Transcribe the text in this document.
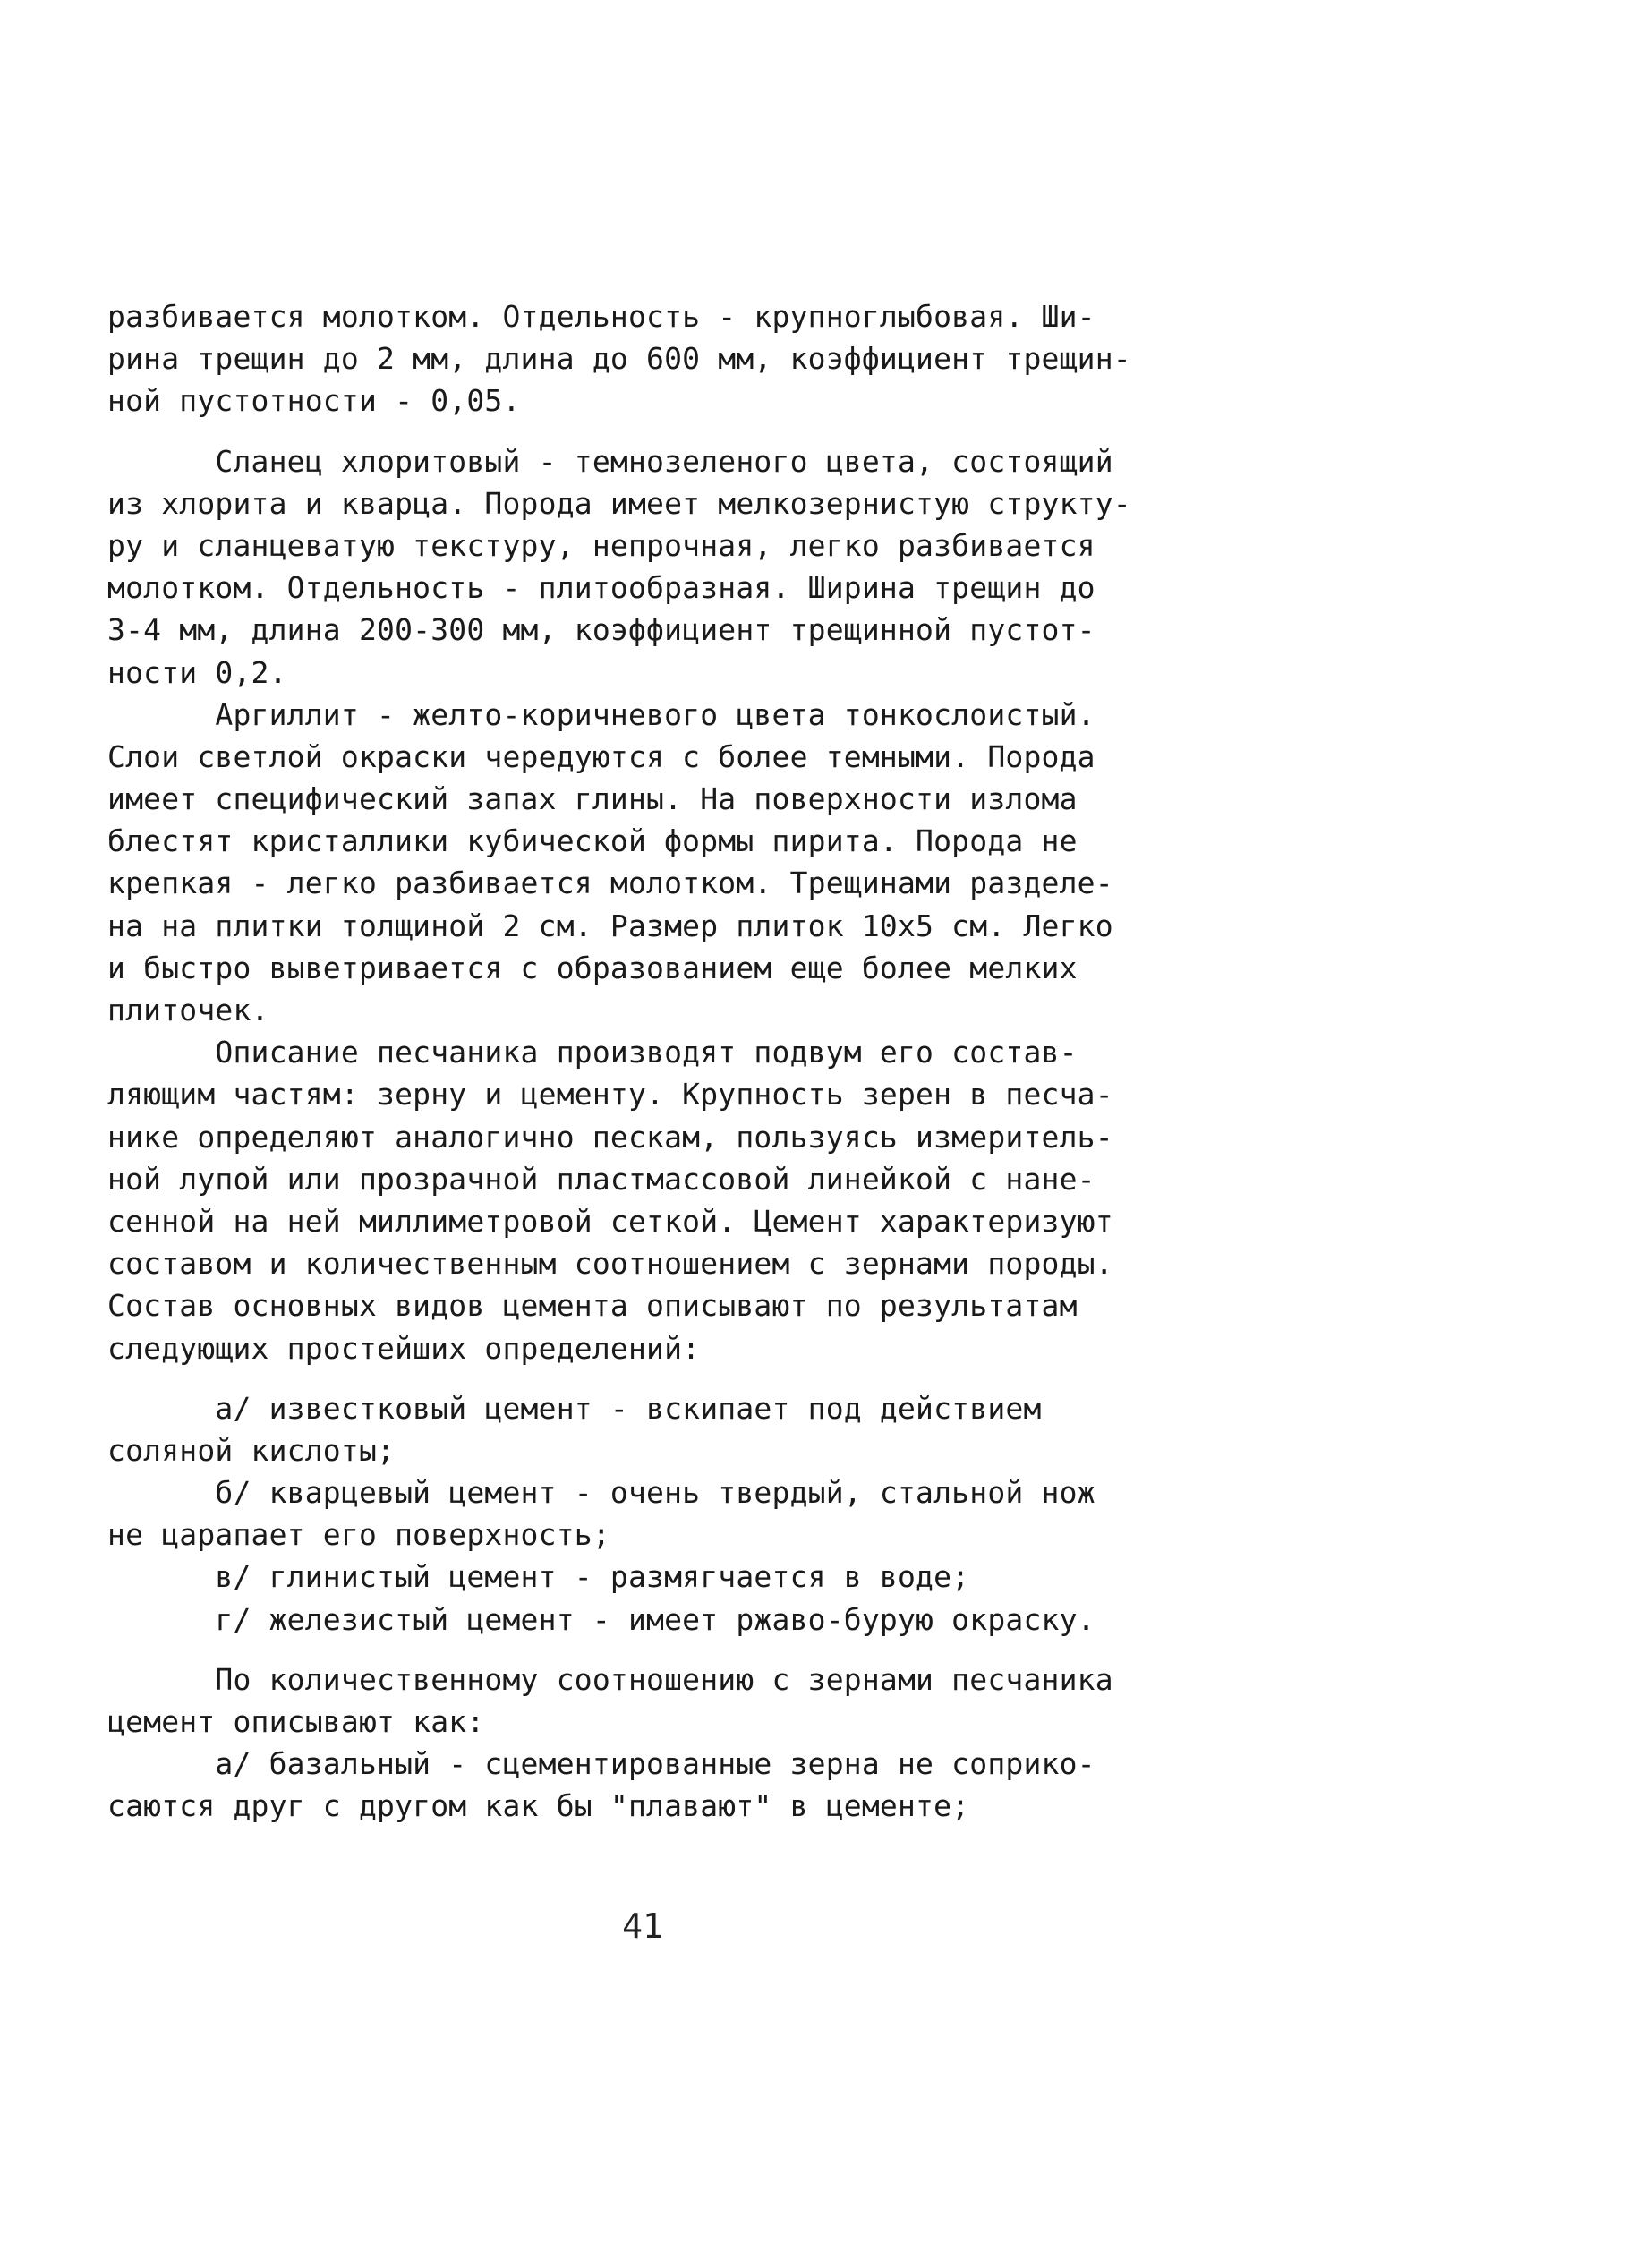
разбивается молотком. Отдельность - крупноглыбовая. Ши-
рина трещин до 2 мм, длина до 600 мм, коэффициент трещин-
ной пустотности - 0,05.
Сланец хлоритовый - темнозеленого цвета, состоящий
из хлорита и кварца. Порода имеет мелкозернистую структу-
ру и сланцеватую текстуру, непрочная, легко разбивается
молотком. Отдельность - плитообразная. Ширина трещин до
3-4 мм, длина 200-300 мм, коэффициент трещинной пустот-
ности 0,2.
Аргиллит - желто-коричневого цвета тонкослоистый.
Слои светлой окраски чередуются с более темными. Порода
имеет специфический запах глины. На поверхности излома
блестят кристаллики кубической формы пирита. Порода не
крепкая - легко разбивается молотком. Трещинами разделе-
на на плитки толщиной 2 см. Размер плиток 10х5 см. Легко
и быстро выветривается с образованием еще более мелких
плиточек.
Описание песчаника производят подвум его состав-
ляющим частям: зерну и цементу. Крупность зерен в песча-
нике определяют аналогично пескам, пользуясь измеритель-
ной лупой или прозрачной пластмассовой линейкой с нане-
сенной на ней миллиметровой сеткой. Цемент характеризуют
составом и количественным соотношением с зернами породы.
Состав основных видов цемента описывают по результатам
следующих простейших определений:
а/ известковый цемент - вскипает под действием
соляной кислоты;
б/ кварцевый цемент - очень твердый, стальной нож
не царапает его поверхность;
в/ глинистый цемент - размягчается в воде;
г/ железистый цемент - имеет ржаво-бурую окраску.
По количественному соотношению с зернами песчаника
цемент описывают как:
а/ базальный - сцементированные зерна не соприко-
саются друг с другом как бы "плавают" в цементе;
41
